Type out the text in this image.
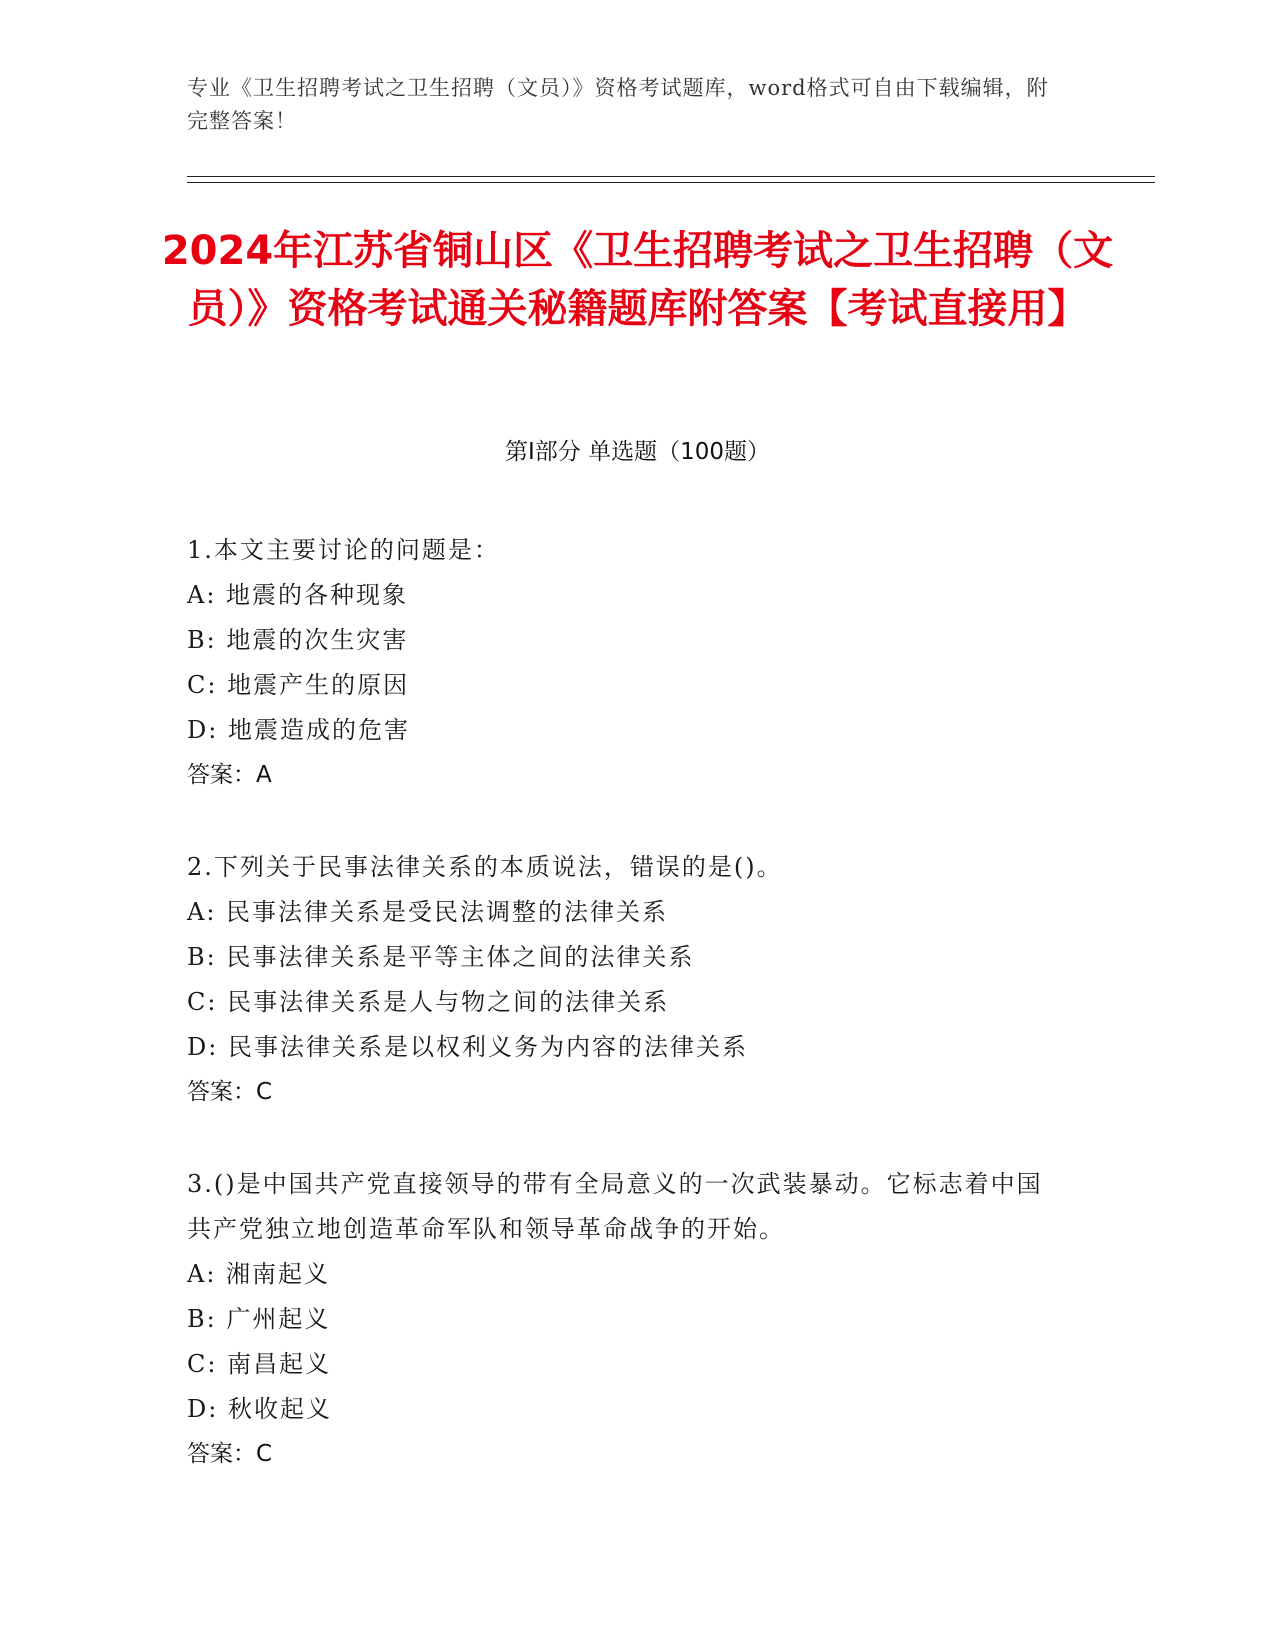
专业《卫生招聘考试之卫生招聘（文员）》资格考试题库，word格式可自由下载编辑，附完整答案！
2024年江苏省铜山区《卫生招聘考试之卫生招聘（文员）》资格考试通关秘籍题库附答案【考试直接用】
第I部分 单选题（100题）
1.本文主要讨论的问题是：
A: 地震的各种现象
B: 地震的次生灾害
C: 地震产生的原因
D: 地震造成的危害
答案：A
2.下列关于民事法律关系的本质说法，错误的是()。
A: 民事法律关系是受民法调整的法律关系
B: 民事法律关系是平等主体之间的法律关系
C: 民事法律关系是人与物之间的法律关系
D: 民事法律关系是以权利义务为内容的法律关系
答案：C
3.()是中国共产党直接领导的带有全局意义的一次武装暴动。它标志着中国共产党独立地创造革命军队和领导革命战争的开始。
A: 湘南起义
B: 广州起义
C: 南昌起义
D: 秋收起义
答案：C
